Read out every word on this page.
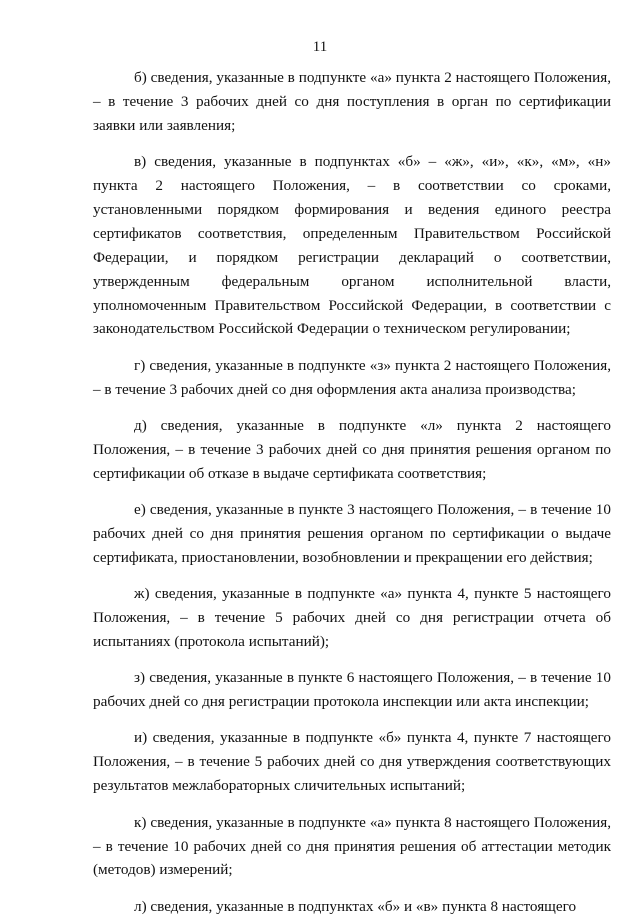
11

б) сведения, указанные в подпункте «а» пункта 2 настоящего Положения, – в течение 3 рабочих дней со дня поступления в орган по сертификации заявки или заявления;

в) сведения, указанные в подпунктах «б» – «ж», «и», «к», «м», «н» пункта 2 настоящего Положения, – в соответствии со сроками, установленными порядком формирования и ведения единого реестра сертификатов соответствия, определенным Правительством Российской Федерации, и порядком регистрации деклараций о соответствии, утвержденным федеральным органом исполнительной власти, уполномоченным Правительством Российской Федерации, в соответствии с законодательством Российской Федерации о техническом регулировании;

г) сведения, указанные в подпункте «з» пункта 2 настоящего Положения, – в течение 3 рабочих дней со дня оформления акта анализа производства;

д) сведения, указанные в подпункте «л» пункта 2 настоящего Положения, – в течение 3 рабочих дней со дня принятия решения органом по сертификации об отказе в выдаче сертификата соответствия;

е) сведения, указанные в пункте 3 настоящего Положения, – в течение 10 рабочих дней со дня принятия решения органом по сертификации о выдаче сертификата, приостановлении, возобновлении и прекращении его действия;

ж) сведения, указанные в подпункте «а» пункта 4, пункте 5 настоящего Положения, – в течение 5 рабочих дней со дня регистрации отчета об испытаниях (протокола испытаний);

з) сведения, указанные в пункте 6 настоящего Положения, – в течение 10 рабочих дней со дня регистрации протокола инспекции или акта инспекции;

и) сведения, указанные в подпункте «б» пункта 4, пункте 7 настоящего Положения, – в течение 5 рабочих дней со дня утверждения соответствующих результатов межлабораторных сличительных испытаний;

к) сведения, указанные в подпункте «а» пункта 8 настоящего Положения, – в течение 10 рабочих дней со дня принятия решения об аттестации методик (методов) измерений;

л) сведения, указанные в подпунктах «б» и «в» пункта 8 настоящего
